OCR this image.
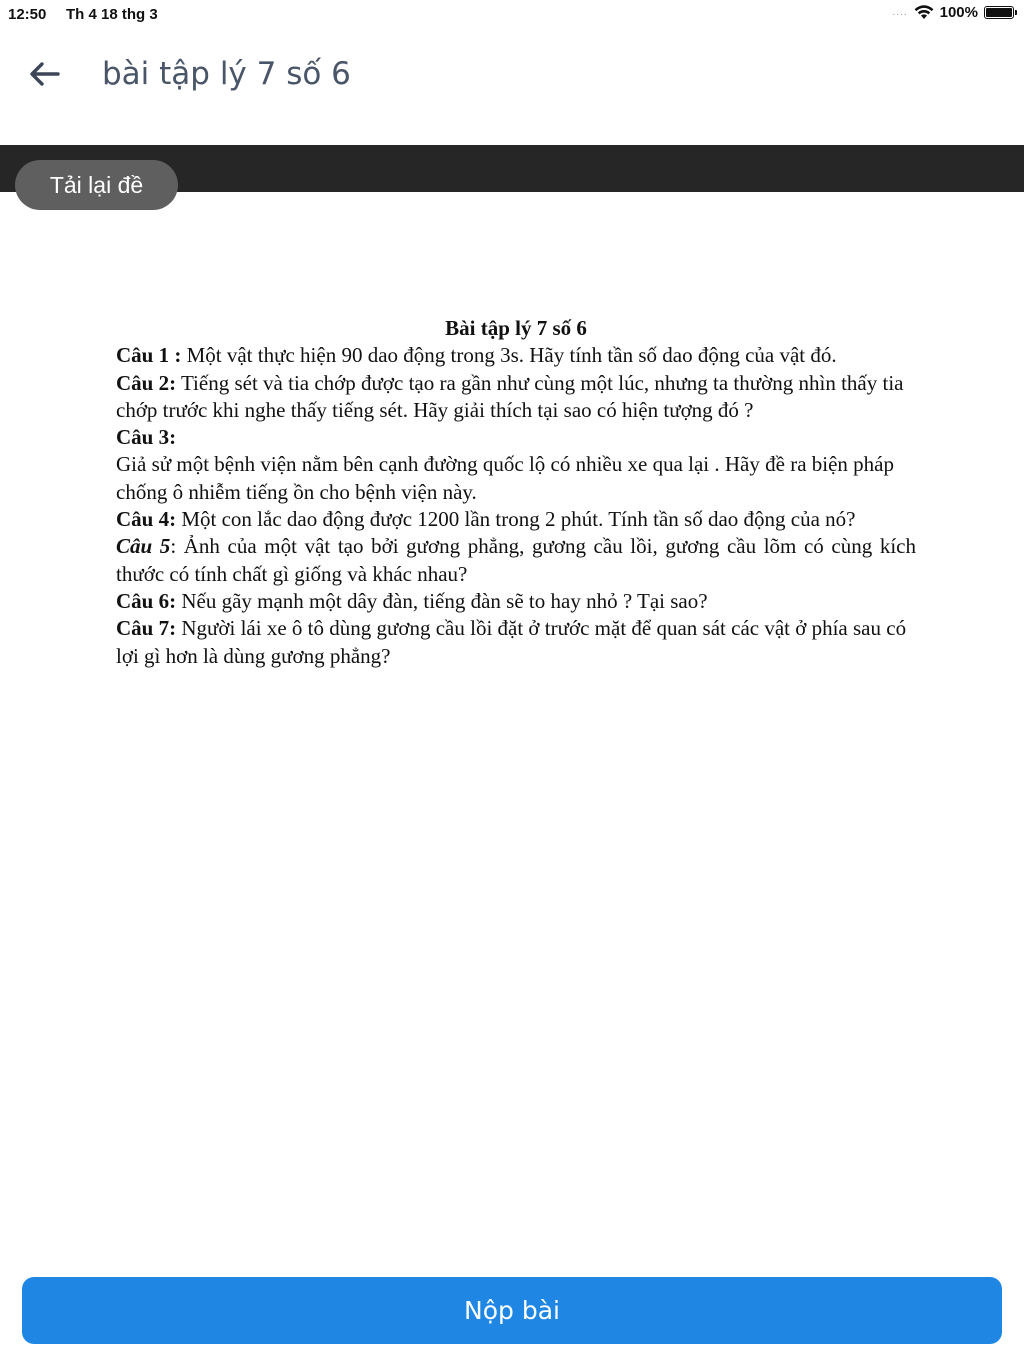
12:50 Th 4 18 thg 3	.... 100%
bài tập lý 7 số 6
Tải lại đề

Bài tập lý 7 số 6

Câu 1 : Một vật thực hiện 90 dao động trong 3s. Hãy tính tần số dao động của vật đó.

Câu 2: Tiếng sét và tia chớp được tạo ra gần như cùng một lúc, nhưng ta thường nhìn thấy tia chớp trước khi nghe thấy tiếng sét. Hãy giải thích tại sao có hiện tượng đó ?

Câu 3:

Giả sử một bệnh viện nằm bên cạnh đường quốc lộ có nhiều xe qua lại . Hãy đề ra biện pháp chống ô nhiễm tiếng ồn cho bệnh viện này.

Câu 4: Một con lắc dao động được 1200 lần trong 2 phút. Tính tần số dao động của nó?

Câu 5: Ảnh của một vật tạo bởi gương phẳng, gương cầu lồi, gương cầu lõm có cùng kích thước có tính chất gì giống và khác nhau?

Câu 6: Nếu gãy mạnh một dây đàn, tiếng đàn sẽ to hay nhỏ ? Tại sao?

Câu 7: Người lái xe ô tô dùng gương cầu lồi đặt ở trước mặt để quan sát các vật ở phía sau có lợi gì hơn là dùng gương phẳng?

Nộp bài
